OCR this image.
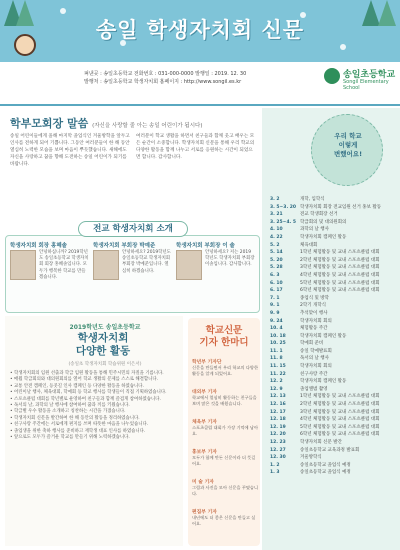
송일 학생자치회 신문
펴낸곳 : 송일초등학교 전화번호 : 031-000-0000 발행일 : 2019. 12. 30
발행처 : 송일초등학교 학생자치회 홈페이지 : http://www.songil.es.kr
송일초등학교
Songil Elementary School
학부모회장 말씀 (자신을 사랑할 줄 아는 송일 어린이가 됩시다)
송일 어린이들에게 올해 마지막 졸업식인 겨울방학을 앞두고 인사를 전하게 되어 기쁩니다. 그동안 여러분들이 한 해 동안 열심히 노력한 모습을 보며 마음이 뿌듯했습니다. 새해에도 자신을 사랑하고 꿈을 향해 도전하는 송일 어린이가 되기를 바랍니다.
여러분이 학교 생활을 하면서 친구들과 함께 웃고 배우는 모든 순간이 소중합니다. 학생자치회 신문을 통해 우리 학교의 다양한 활동을 함께 나누고 서로를 응원하는 시간이 되었으면 합니다. 감사합니다.
우리 학교
이렇게
변했어요!
3. 2	개학, 입학식
3. 5~3. 20 학생자치회 회장 전교임원 선거 홍보 활동
3. 21	전교 학생회장 선거
3. 25~4. 5 학급회의 및 대의원회의
4. 10	과학의 날 행사
4. 22	학생자치회 캠페인 활동
5. 2	체육대회
5. 14	1학년 체험활동 및 교내 스포츠클럽 대회
5. 20	2학년 체험활동 및 교내 스포츠클럽 대회
5. 28	3학년 체험활동 및 교내 스포츠클럽 대회
6. 3	4학년 체험활동 및 교내 스포츠클럽 대회
6. 10	5학년 체험활동 및 교내 스포츠클럽 대회
6. 17	6학년 체험활동 및 교내 스포츠클럽 대회
7. 1	종업식 및 방학
9. 1	2학기 개학식
9. 9	추석맞이 행사
9. 24	학생자치회 회의
10. 4	체험활동 주간
10. 18	학생자치회 캠페인 활동
10. 25	학예회 준비
11. 1	송일 학예발표회
11. 8	독서의 날 행사
11. 15	학생자치회 회의
11. 22	친구사랑 주간
12. 2	학생자치회 캠페인 활동
12. 9	졸업앨범 촬영
12. 13	1학년 체험활동 및 교내 스포츠클럽 대회
12. 16	2학년 체험활동 및 교내 스포츠클럽 대회
12. 17	3학년 체험활동 및 교내 스포츠클럽 대회
12. 18	4학년 체험활동 및 교내 스포츠클럽 대회
12. 19	5학년 체험활동 및 교내 스포츠클럽 대회
12. 20	6학년 체험활동 및 교내 스포츠클럽 대회
12. 23	학생자치회 신문 발간
12. 27	송일초등학교 교육과정 발표회
12. 30	겨울방학식
1. 2	송일초등학교 졸업식 예정
1. 3	송일초등학교 졸업식 예정
전교 학생자치회 소개
학생자치회 회장 홍혜솔
안녕하십니까? 2019학년도 송일초등학교 학생자치회 회장 홍혜솔입니다. 모두가 행복한 학교를 만들겠습니다.
학생자치회 부회장 박예준
안녕하세요? 2019학년도 송일초등학교 학생자치회 부회장 박예준입니다. 열심히 하겠습니다.
학생자치회 부회장 이 솔
안녕하세요? 저는 2019학년도 학생자치회 부회장 이솔입니다. 감사합니다.
2019학년도 송일초등학교
학생자치회
다양한 활동
(송일초 학생자치회 학습위원 이은서)
• 학생자치회의 임원 선출과 학급 임원 활동을 통해 민주시민의 자질을 기릅니다.
• 매월 학급회의와 대의원회의를 열어 학교 생활의 문제를 스스로 해결합니다.
• 교통 안전 캠페인, 등굣길 인사 캠페인 등 다양한 활동을 하였습니다.
• 어린이날 행사, 체육대회, 학예회 등 학교 행사를 학생들이 직접 기획하였습니다.
• 스포츠클럽 대회를 학년별로 운영하여 친구들과 함께 즐겁게 참여하였습니다.
• 독서의 날, 과학의 날 행사에 참여하여 꿈과 끼를 키웠습니다.
• 학급별 우수 활동을 소개하고 칭찬하는 시간을 가졌습니다.
• 학생자치회 신문을 발간하여 한 해 동안의 활동을 정리하였습니다.
• 친구사랑 주간에는 서로에게 편지를 쓰며 따뜻한 마음을 나누었습니다.
• 졸업생을 위한 축하 행사를 준비하고 재학생 대표 인사를 하였습니다.
• 앞으로도 모두가 즐거운 학교를 만들기 위해 노력하겠습니다.
학교신문
기자 한마디
학년부 기자단
신문을 만들면서 우리 학교의 다양한 활동을 알게 되었어요.
대외부 기자
학교에서 열심히 활동하는 친구들을 보며 많은 것을 배웠습니다.
체육부 기자
스포츠클럽 대회가 가장 기억에 남아요.
홍보부 기자
모두가 함께 만든 신문이라 더 뜻깊어요.
미 술 기자
그림과 사진을 모아 신문을 꾸몄습니다.
편집부 기자
내년에도 더 좋은 신문을 만들고 싶어요.
